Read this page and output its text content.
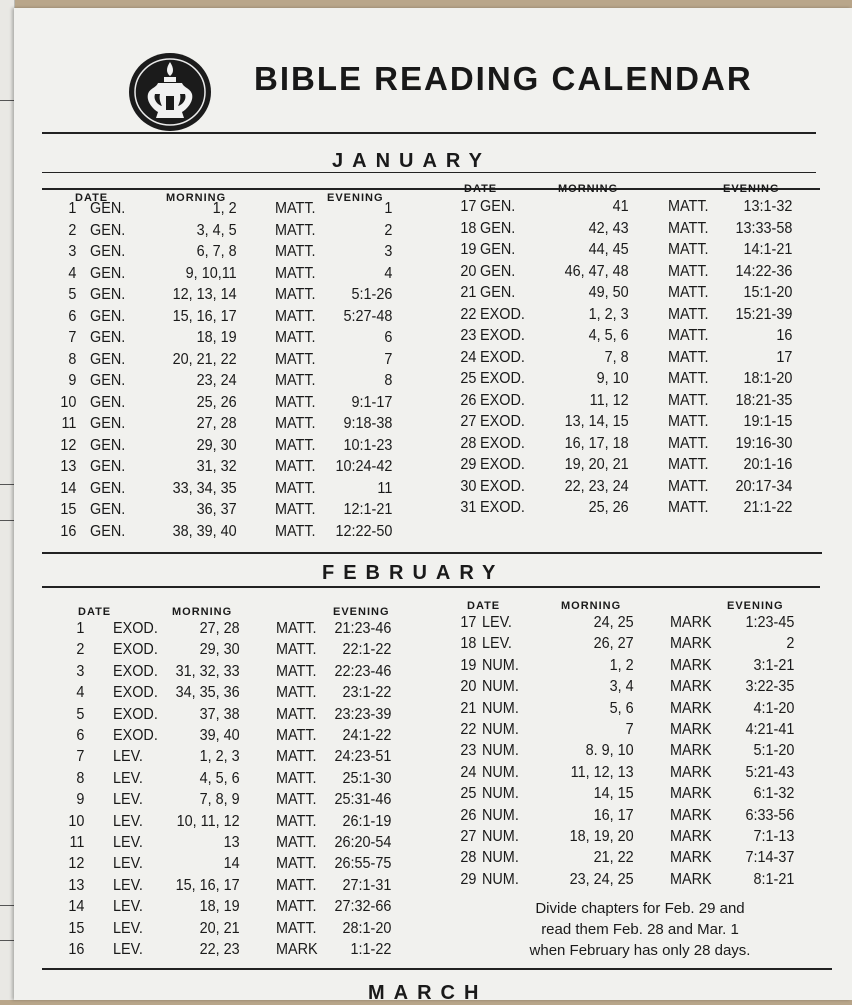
BIBLE READING CALENDAR
JANUARY
DATE	MORNING	EVENING
DATE	MORNING	EVENING
1 GEN.	1, 2 MATT.	1
2 GEN.	3, 4, 5 MATT.	2
3 GEN.	6, 7, 8 MATT.	3
4 GEN.	9, 10,11 MATT.	4
5 GEN.	12, 13, 14 MATT.	5:1-26
6 GEN.	15, 16, 17 MATT.	5:27-48
7 GEN.	18, 19 MATT.	6
8 GEN.	20, 21, 22 MATT.	7
9 GEN.	23, 24 MATT.	8
10 GEN.	25, 26 MATT.	9:1-17
11 GEN.	27, 28 MATT.	9:18-38
12 GEN.	29, 30 MATT.	10:1-23
13 GEN.	31, 32 MATT.	10:24-42
14 GEN.	33, 34, 35 MATT.	11
15 GEN.	36, 37 MATT.	12:1-21
16 GEN.	38, 39, 40 MATT.	12:22-50
17 GEN.	41	MATT.	13:1-32
18 GEN.	42, 43	MATT.	13:33-58
19 GEN.	44, 45	MATT.	14:1-21
20 GEN.	46, 47, 48	MATT.	14:22-36
21 GEN.	49, 50	MATT.	15:1-20
22 EXOD.	1, 2, 3	MATT.	15:21-39
23 EXOD.	4, 5, 6	MATT.	16
24 EXOD.	7, 8	MATT.	17
25 EXOD.	9, 10	MATT.	18:1-20
26 EXOD.	11, 12	MATT.	18:21-35
27 EXOD.	13, 14, 15	MATT.	19:1-15
28 EXOD.	16, 17, 18	MATT.	19:16-30
29 EXOD.	19, 20, 21	MATT.	20:1-16
30 EXOD.	22, 23, 24	MATT.	20:17-34
31 EXOD.	25, 26	MATT.	21:1-22
FEBRUARY
DATE	MORNING	EVENING	DATE	MORNING	EVENING
1 EXOD.	27, 28 MATT.	21:23-46
2 EXOD.	29, 30 MATT.	22:1-22
3 EXOD.	31, 32, 33 MATT.	22:23-46
4 EXOD.	34, 35, 36 MATT.	23:1-22
5 EXOD.	37, 38 MATT.	23:23-39
6 EXOD.	39, 40 MATT.	24:1-22
7 LEV.	1, 2, 3 MATT.	24:23-51
8 LEV.	4, 5, 6 MATT.	25:1-30
9 LEV.	7, 8, 9 MATT.	25:31-46
10 LEV.	10, 11, 12 MATT.	26:1-19
11 LEV.	13 MATT.	26:20-54
12 LEV.	14 MATT.	26:55-75
13 LEV.	15, 16, 17 MATT.	27:1-31
14 LEV.	18, 19 MATT.	27:32-66
15 LEV.	20, 21 MATT.	28:1-20
16 LEV.	22, 23 MARK	1:1-22
17 LEV.	24, 25 MARK	1:23-45
18 LEV.	26, 27 MARK	2
19 NUM.	1, 2 MARK	3:1-21
20 NUM.	3, 4 MARK	3:22-35
21 NUM.	5, 6 MARK	4:1-20
22 NUM.	7 MARK	4:21-41
23 NUM.	8. 9, 10 MARK	5:1-20
24 NUM.	11, 12, 13 MARK	5:21-43
25 NUM.	14, 15 MARK	6:1-32
26 NUM.	16, 17 MARK	6:33-56
27 NUM.	18, 19, 20 MARK	7:1-13
28 NUM.	21, 22 MARK	7:14-37
29 NUM.	23, 24, 25 MARK	8:1-21
Divide chapters for Feb. 29 and
read them Feb. 28 and Mar. 1
when February has only 28 days.
MARCH
